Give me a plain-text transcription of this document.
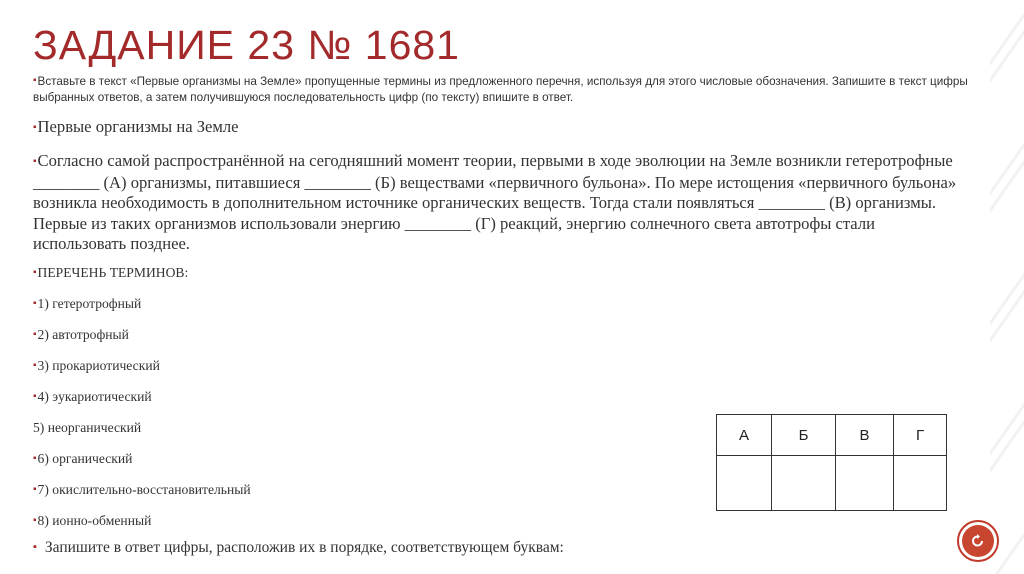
ЗАДАНИЕ 23 № 1681
▪Вставьте в текст «Первые организмы на Земле» пропущенные термины из предложенного перечня, используя для этого числовые обозначения. Запишите в текст цифры выбранных ответов, а затем получившуюся последовательность цифр (по тексту) впишите в ответ.
▪Первые организмы на Земле
▪Согласно самой распространённой на сегодняшний момент теории, первыми в ходе эволюции на Земле возникли гетеротрофные ________ (А) организмы, питавшиеся ________ (Б) веществами «первичного бульона». По мере истощения «первичного бульона» возникла необходимость в дополнительном источнике органических веществ. Тогда стали появляться ________ (В) организмы. Первые из таких организмов использовали энергию ________ (Г) реакций, энергию солнечного света автотрофы стали использовать позднее.
▪ПЕРЕЧЕНЬ ТЕРМИНОВ:
▪1) гетеротрофный
▪2) автотрофный
▪3) прокариотический
▪4) эукариотический
5) неорганический
▪6) органический
▪7) окислительно-восстановительный
▪8) ионно-обменный
А	Б	В	Г

▪ Запишите в ответ цифры, расположив их в порядке, соответствующем буквам:
